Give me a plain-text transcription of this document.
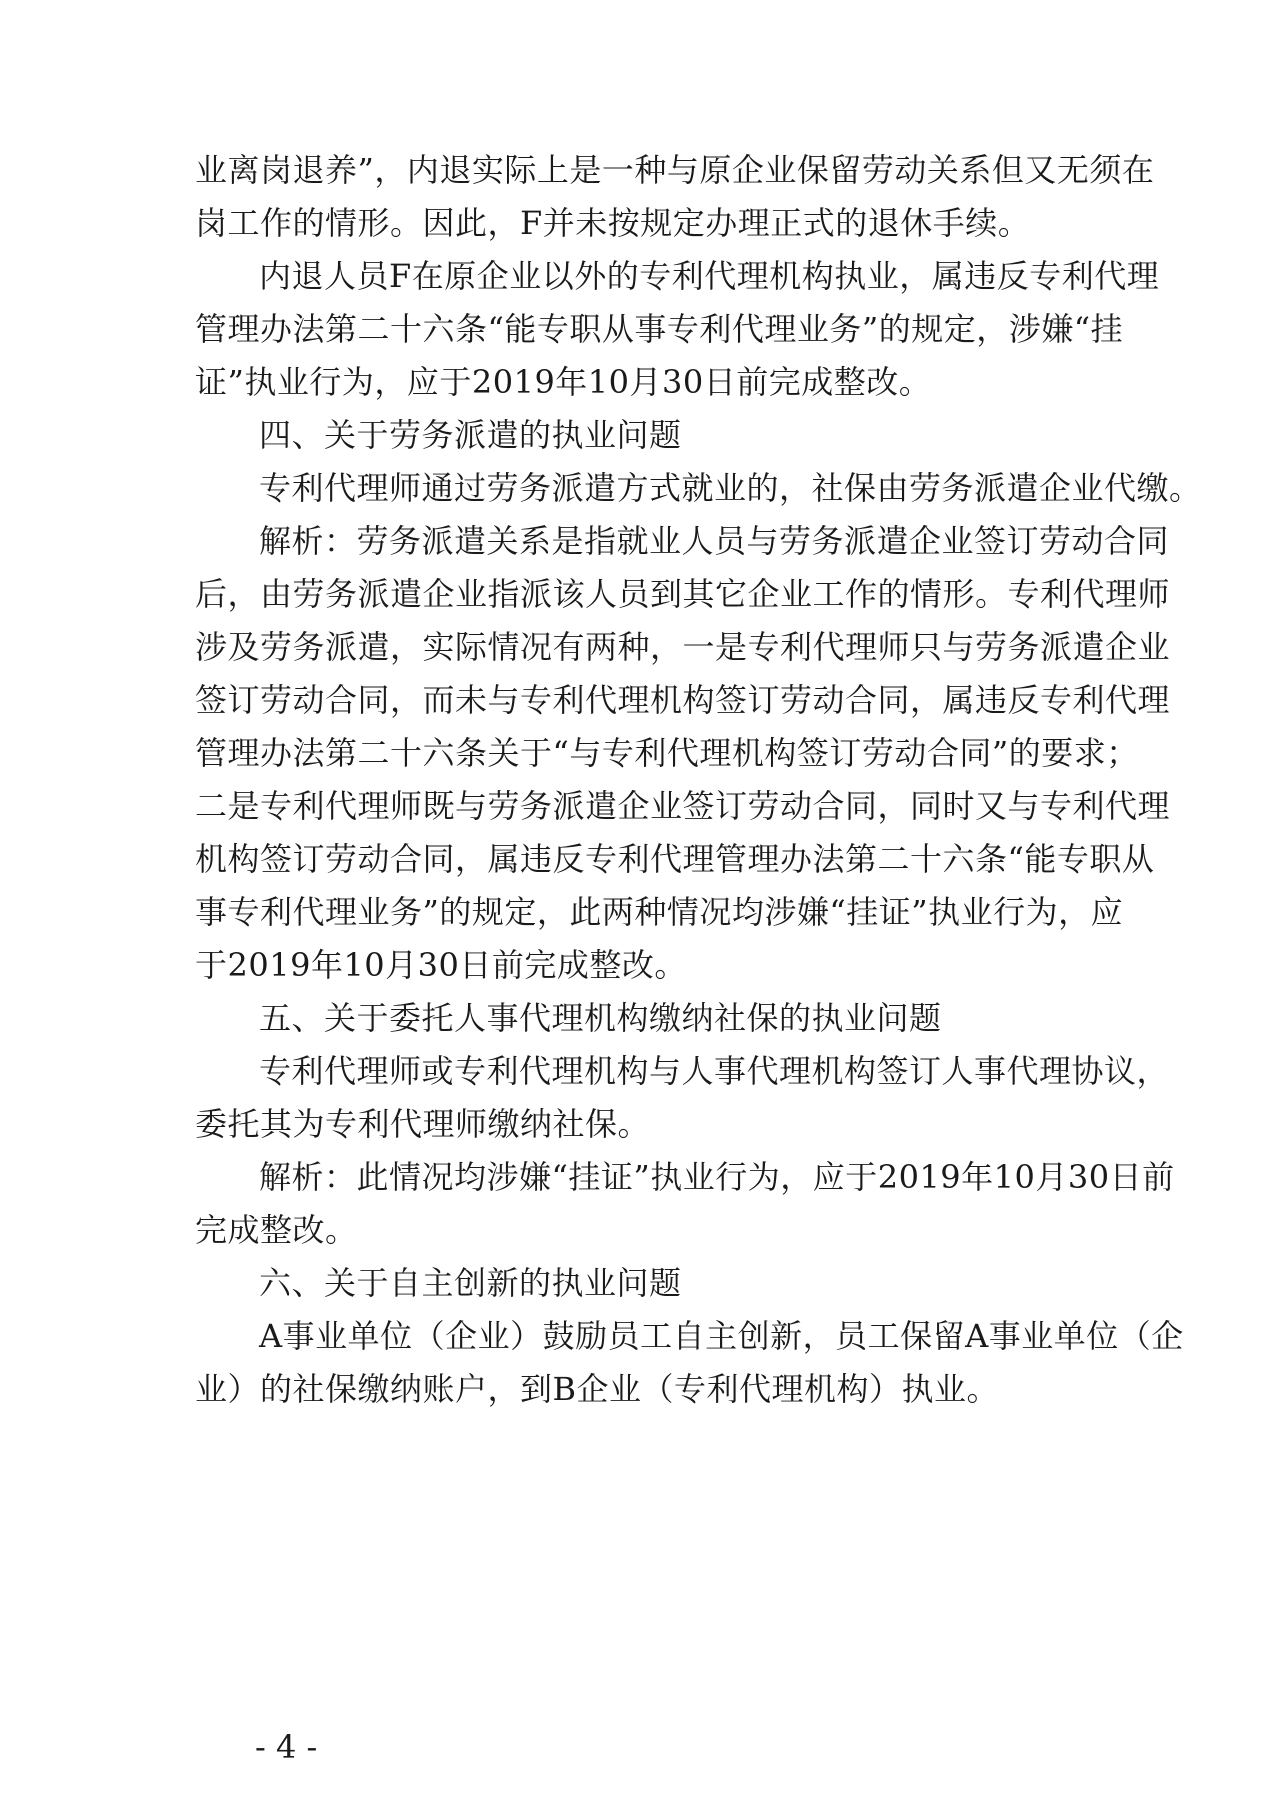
业离岗退养”，内退实际上是一种与原企业保留劳动关系但又无须在
岗工作的情形。因此，F并未按规定办理正式的退休手续。
内退人员F在原企业以外的专利代理机构执业，属违反专利代理
管理办法第二十六条“能专职从事专利代理业务”的规定，涉嫌“挂
证”执业行为，应于2019年10月30日前完成整改。
四、关于劳务派遣的执业问题
专利代理师通过劳务派遣方式就业的，社保由劳务派遣企业代缴。
解析：劳务派遣关系是指就业人员与劳务派遣企业签订劳动合同
后，由劳务派遣企业指派该人员到其它企业工作的情形。专利代理师
涉及劳务派遣，实际情况有两种，一是专利代理师只与劳务派遣企业
签订劳动合同，而未与专利代理机构签订劳动合同，属违反专利代理
管理办法第二十六条关于“与专利代理机构签订劳动合同”的要求；
二是专利代理师既与劳务派遣企业签订劳动合同，同时又与专利代理
机构签订劳动合同，属违反专利代理管理办法第二十六条“能专职从
事专利代理业务”的规定，此两种情况均涉嫌“挂证”执业行为，应
于2019年10月30日前完成整改。
五、关于委托人事代理机构缴纳社保的执业问题
专利代理师或专利代理机构与人事代理机构签订人事代理协议，
委托其为专利代理师缴纳社保。
解析：此情况均涉嫌“挂证”执业行为，应于2019年10月30日前
完成整改。
六、关于自主创新的执业问题
A事业单位（企业）鼓励员工自主创新，员工保留A事业单位（企
业）的社保缴纳账户，到B企业（专利代理机构）执业。
- 4 -
